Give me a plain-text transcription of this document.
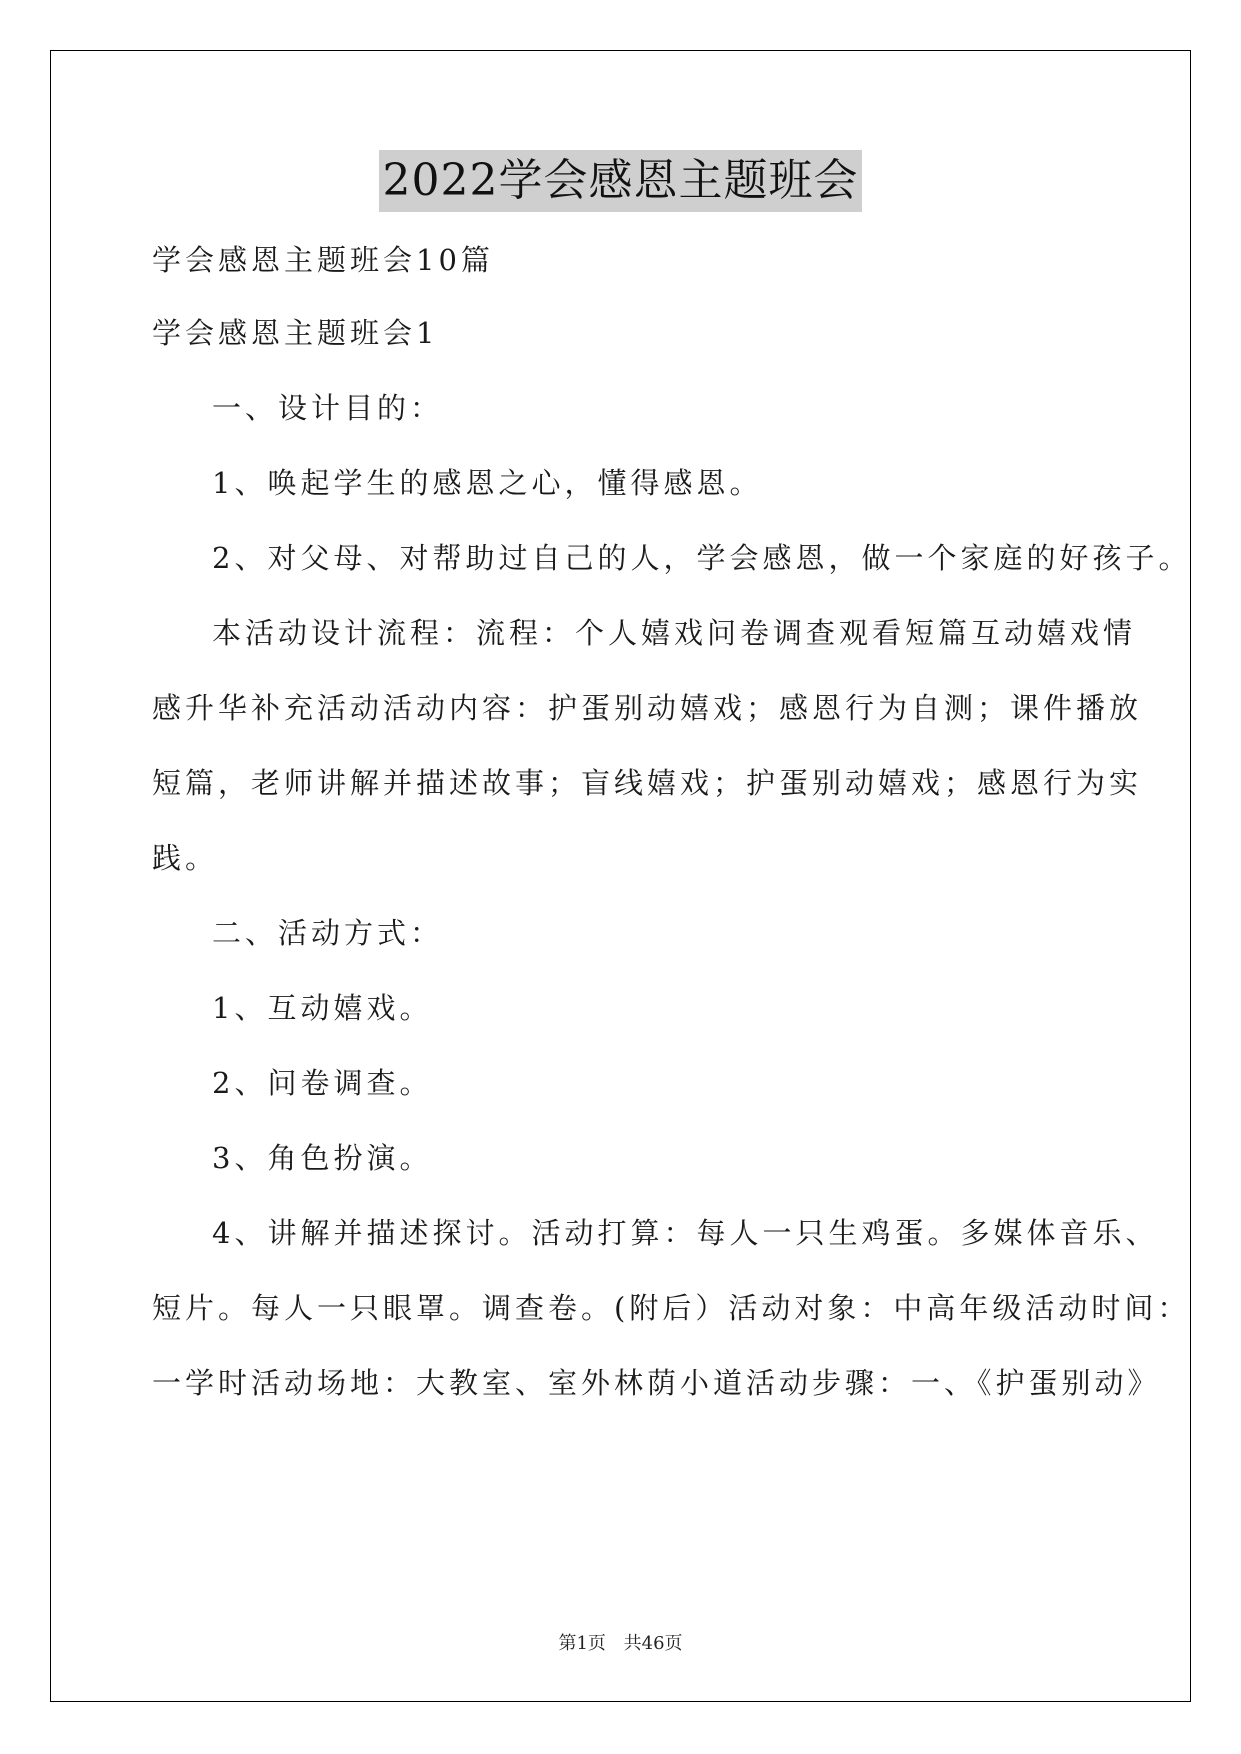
2022学会感恩主题班会
学会感恩主题班会10篇
学会感恩主题班会1
一、设计目的：
1、唤起学生的感恩之心，懂得感恩。
2、对父母、对帮助过自己的人，学会感恩，做一个家庭的好孩子。
本活动设计流程：流程：个人嬉戏问卷调查观看短篇互动嬉戏情
感升华补充活动活动内容：护蛋别动嬉戏；感恩行为自测；课件播放
短篇，老师讲解并描述故事；盲线嬉戏；护蛋别动嬉戏；感恩行为实
践。
二、活动方式：
1、互动嬉戏。
2、问卷调查。
3、角色扮演。
4、讲解并描述探讨。活动打算：每人一只生鸡蛋。多媒体音乐、
短片。每人一只眼罩。调查卷。(附后）活动对象：中高年级活动时间：
一学时活动场地：大教室、室外林荫小道活动步骤：一、《护蛋别动》
第1页 共46页
